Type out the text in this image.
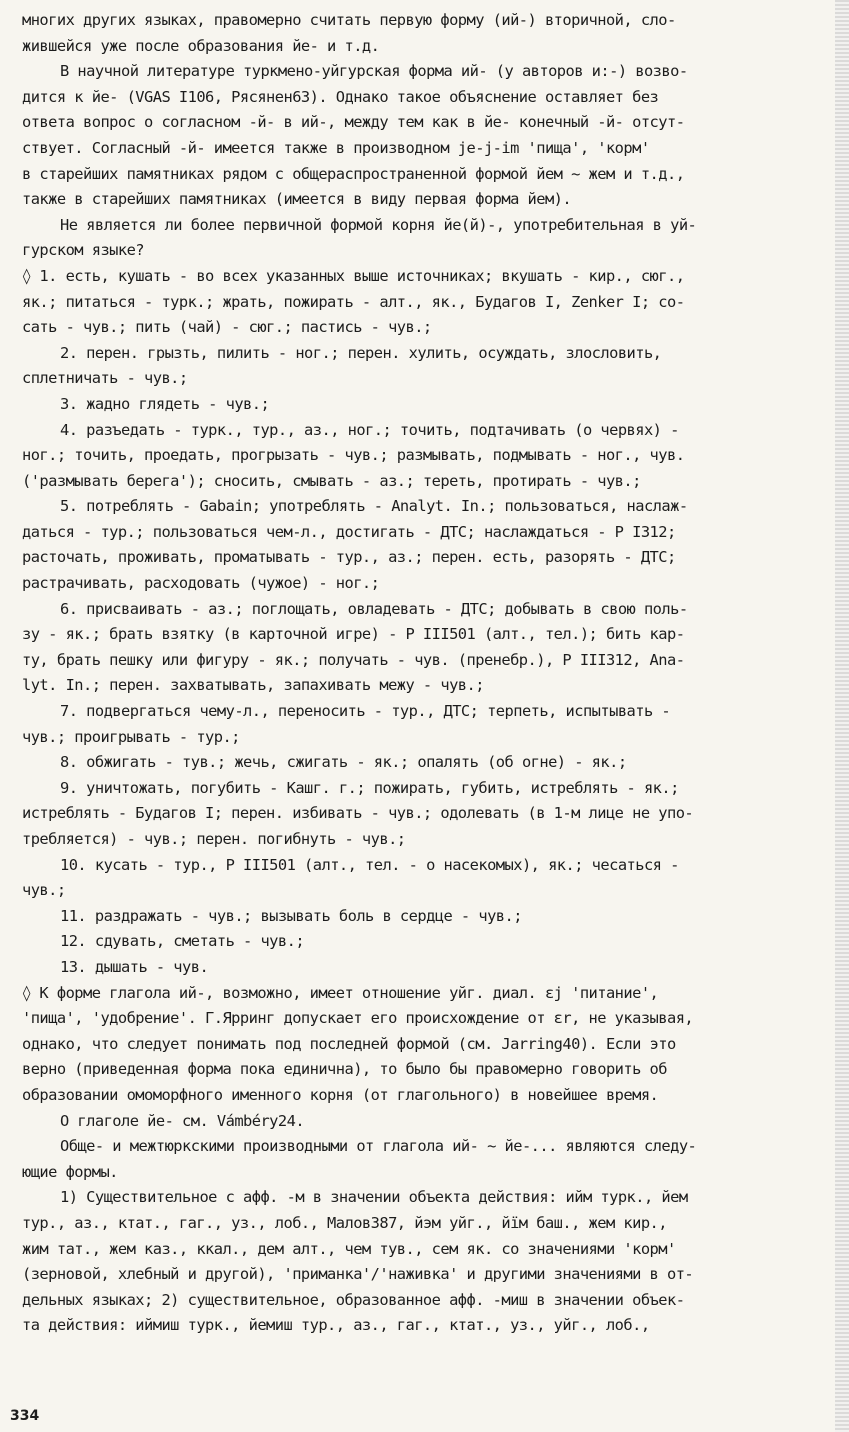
многих других языках, правомерно считать первую форму (ий-) вторичной, сло-
жившейся уже после образования йе- и т.д.
В научной литературе туркмено-уйгурская форма ий- (у авторов и:-) возво-
дится к йе- (VGAS I106, Рясянен63). Однако такое объяснение оставляет без
ответа вопрос о согласном -й- в ий-, между тем как в йе- конечный -й- отсут-
ствует. Согласный -й- имеется также в производном je-j-im 'пища', 'корм'
в старейших памятниках рядом с общераспространенной формой йем ~ жем и т.д.,
также в старейших памятниках (имеется в виду первая форма йем).
Не является ли более первичной формой корня йе(й)-, употребительная в уй-
гурском языке?
◊ 1. есть, кушать - во всех указанных выше источниках; вкушать - кир., сюг.,
як.; питаться - турк.; жрать, пожирать - алт., як., Будагов I, Zenker I; со-
сать - чув.; пить (чай) - сюг.; пастись - чув.;
2. перен. грызть, пилить - ног.; перен. хулить, осуждать, злословить,
сплетничать - чув.;
3. жадно глядеть - чув.;
4. разъедать - турк., тур., аз., ног.; точить, подтачивать (о червях) -
ног.; точить, проедать, прогрызать - чув.; размывать, подмывать - ног., чув.
('размывать берега'); сносить, смывать - аз.; тереть, протирать - чув.;
5. потреблять - Gabain; употреблять - Analyt. In.; пользоваться, наслаж-
даться - тур.; пользоваться чем-л., достигать - ДТС; наслаждаться - Р I312;
расточать, проживать, проматывать - тур., аз.; перен. есть, разорять - ДТС;
растрачивать, расходовать (чужое) - ног.;
6. присваивать - аз.; поглощать, овладевать - ДТС; добывать в свою поль-
зу - як.; брать взятку (в карточной игре) - Р III501 (алт., тел.); бить кар-
ту, брать пешку или фигуру - як.; получать - чув. (пренебр.), Р III312, Ana-
lyt. In.; перен. захватывать, запахивать межу - чув.;
7. подвергаться чему-л., переносить - тур., ДТС; терпеть, испытывать -
чув.; проигрывать - тур.;
8. обжигать - тув.; жечь, сжигать - як.; опалять (об огне) - як.;
9. уничтожать, погубить - Кашг. г.; пожирать, губить, истреблять - як.;
истреблять - Будагов I; перен. избивать - чув.; одолевать (в 1-м лице не упо-
требляется) - чув.; перен. погибнуть - чув.;
10. кусать - тур., Р III501 (алт., тел. - о насекомых), як.; чесаться -
чув.;
11. раздражать - чув.; вызывать боль в сердце - чув.;
12. сдувать, сметать - чув.;
13. дышать - чув.
◊ К форме глагола ий-, возможно, имеет отношение уйг. диал. ɛj 'питание',
'пища', 'удобрение'. Г.Ярринг допускает его происхождение от ɛr, не указывая,
однако, что следует понимать под последней формой (см. Jarring40). Если это
верно (приведенная форма пока единична), то было бы правомерно говорить об
образовании омоморфного именного корня (от глагольного) в новейшее время.
О глаголе йе- см. Vámbéry24.
Обще- и межтюркскими производными от глагола ий- ~ йе-... являются следу-
ющие формы.
1) Существительное с афф. -м в значении объекта действия: ийм турк., йем
тур., аз., ктат., гаг., уз., лоб., Малов387, йэм уйг., йїм баш., жем кир.,
жим тат., жем каз., ккал., дем алт., чем тув., сем як. со значениями 'корм'
(зерновой, хлебный и другой), 'приманка'/'наживка' и другими значениями в от-
дельных языках; 2) существительное, образованное афф. -миш в значении объек-
та действия: иймиш турк., йемиш тур., аз., гаг., ктат., уз., уйг., лоб.,
334
